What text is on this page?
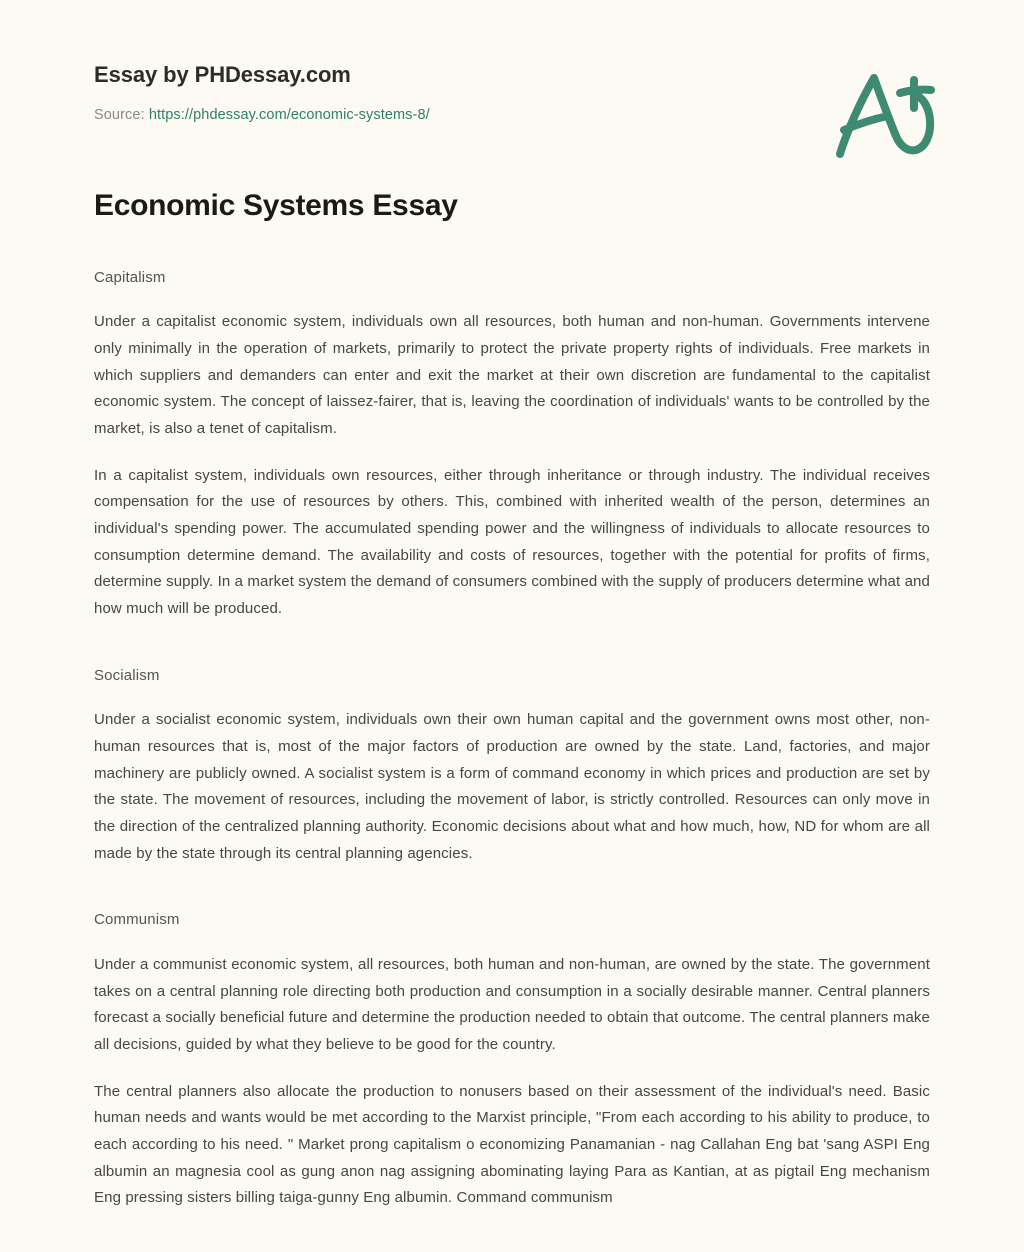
Essay by PHDessay.com
Source: https://phdessay.com/economic-systems-8/
Economic Systems Essay
Capitalism

Under a capitalist economic system, individuals own all resources, both human and non-human. Governments intervene only minimally in the operation of markets, primarily to protect the private property rights of individuals. Free markets in which suppliers and demanders can enter and exit the market at their own discretion are fundamental to the capitalist economic system. The concept of laissez-fairer, that is, leaving the coordination of individuals' wants to be controlled by the market, is also a tenet of capitalism.

In a capitalist system, individuals own resources, either through inheritance or through industry. The individual receives compensation for the use of resources by others. This, combined with inherited wealth of the person, determines an individual's spending power. The accumulated spending power and the willingness of individuals to allocate resources to consumption determine demand. The availability and costs of resources, together with the potential for profits of firms, determine supply. In a market system the demand of consumers combined with the supply of producers determine what and how much will be produced.

Socialism

Under a socialist economic system, individuals own their own human capital and the government owns most other, non-human resources that is, most of the major factors of production are owned by the state. Land, factories, and major machinery are publicly owned. A socialist system is a form of command economy in which prices and production are set by the state. The movement of resources, including the movement of labor, is strictly controlled. Resources can only move in the direction of the centralized planning authority. Economic decisions about what and how much, how, ND for whom are all made by the state through its central planning agencies.

Communism

Under a communist economic system, all resources, both human and non-human, are owned by the state. The government takes on a central planning role directing both production and consumption in a socially desirable manner. Central planners forecast a socially beneficial future and determine the production needed to obtain that outcome. The central planners make all decisions, guided by what they believe to be good for the country.

The central planners also allocate the production to nonusers based on their assessment of the individual's need. Basic human needs and wants would be met according to the Marxist principle, "From each according to his ability to produce, to each according to his need. " Market prong capitalism o economizing Panamanian - nag Callahan Eng bat 'sang ASPI Eng albumin an magnesia cool as gung anon nag assigning abominating laying Para as Kantian, at as pigtail Eng mechanism Eng pressing sisters billing taiga-gunny Eng albumin. Command communism
